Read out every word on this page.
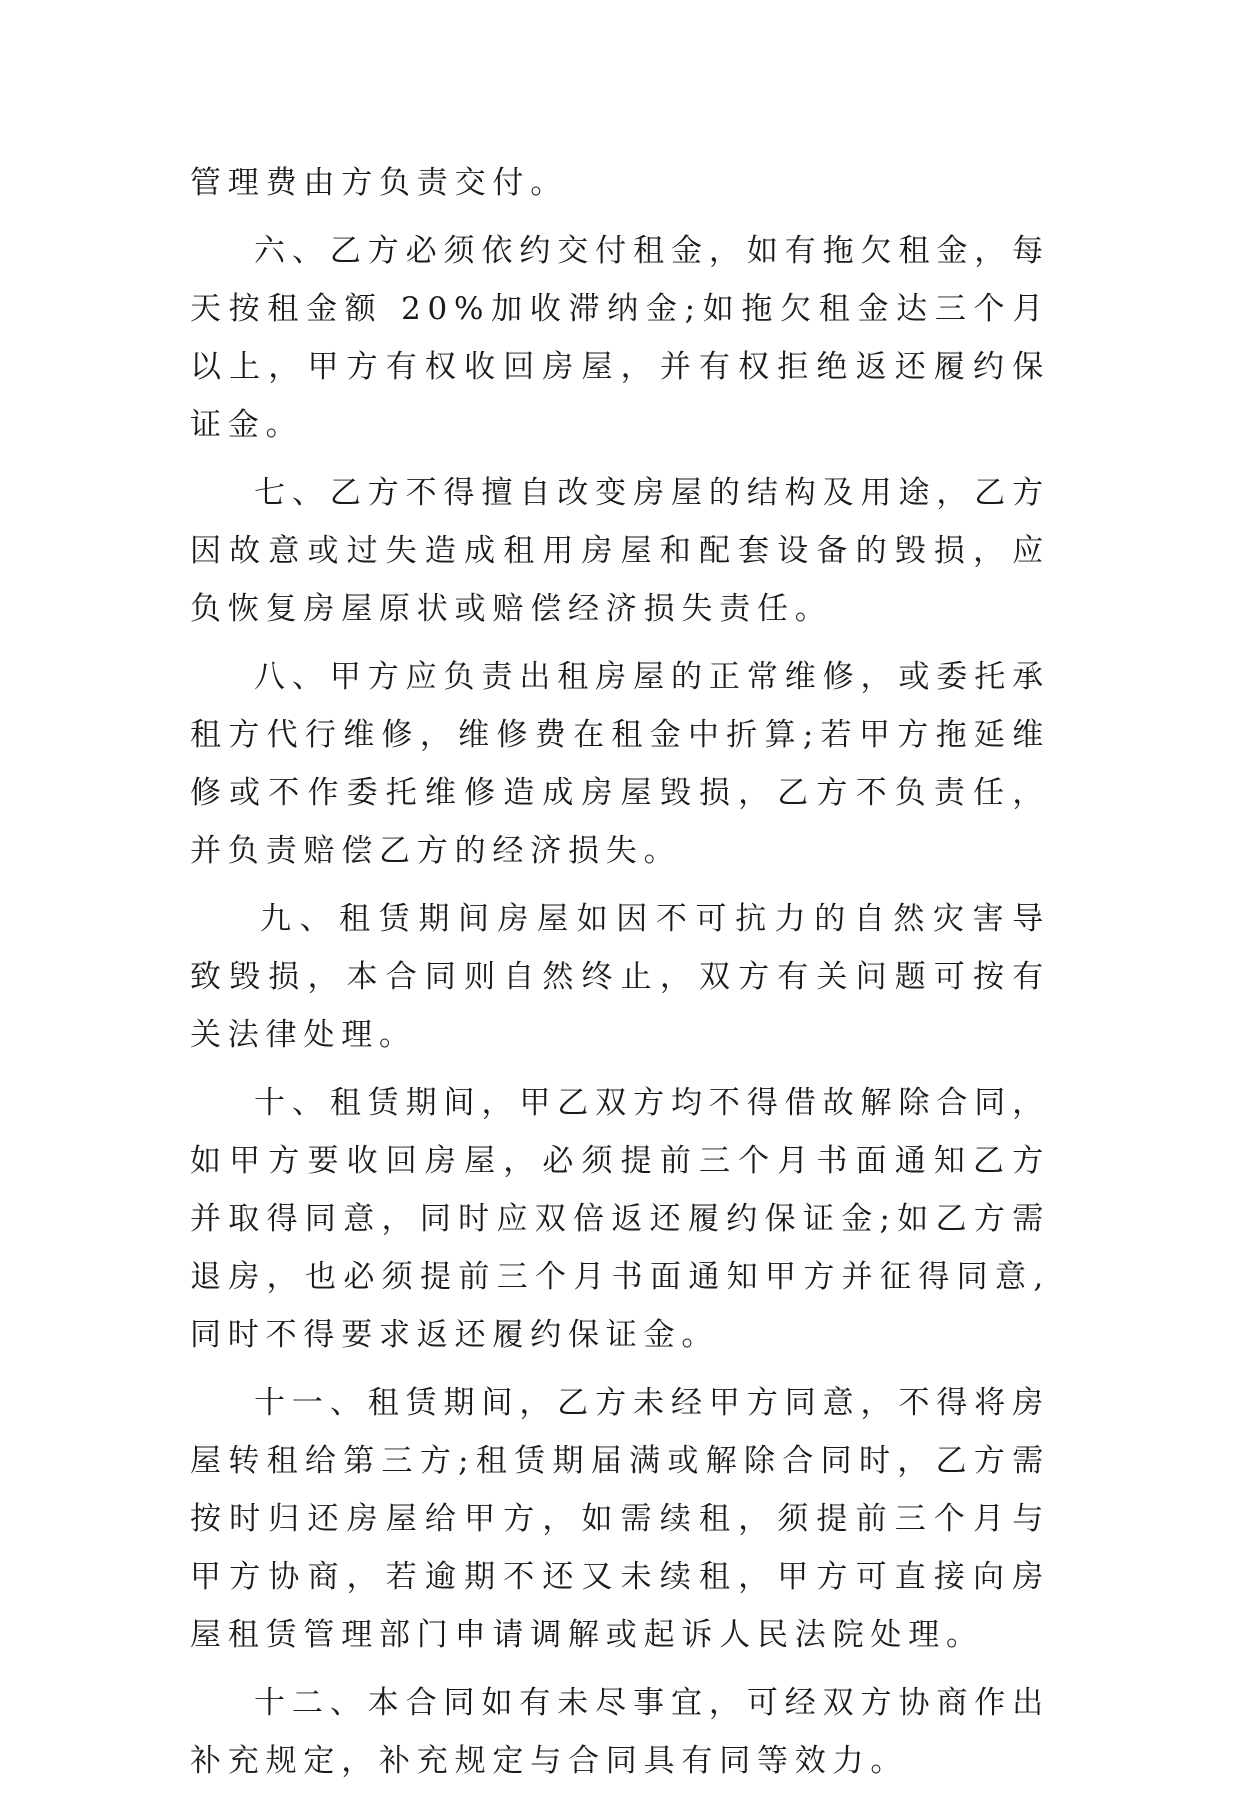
管理费由方负责交付。

六、乙方必须依约交付租金，如有拖欠租金，每天按租金额 20%加收滞纳金;如拖欠租金达三个月以上，甲方有权收回房屋，并有权拒绝返还履约保证金。

七、乙方不得擅自改变房屋的结构及用途，乙方因故意或过失造成租用房屋和配套设备的毁损，应负恢复房屋原状或赔偿经济损失责任。

八、甲方应负责出租房屋的正常维修，或委托承租方代行维修，维修费在租金中折算;若甲方拖延维修或不作委托维修造成房屋毁损，乙方不负责任，并负责赔偿乙方的经济损失。

九、租赁期间房屋如因不可抗力的自然灾害导致毁损，本合同则自然终止，双方有关问题可按有关法律处理。

十、租赁期间，甲乙双方均不得借故解除合同，如甲方要收回房屋，必须提前三个月书面通知乙方并取得同意，同时应双倍返还履约保证金;如乙方需退房，也必须提前三个月书面通知甲方并征得同意,同时不得要求返还履约保证金。

十一、租赁期间，乙方未经甲方同意，不得将房屋转租给第三方;租赁期届满或解除合同时，乙方需按时归还房屋给甲方，如需续租，须提前三个月与甲方协商，若逾期不还又未续租，甲方可直接向房屋租赁管理部门申请调解或起诉人民法院处理。

十二、本合同如有未尽事宜，可经双方协商作出补充规定，补充规定与合同具有同等效力。
